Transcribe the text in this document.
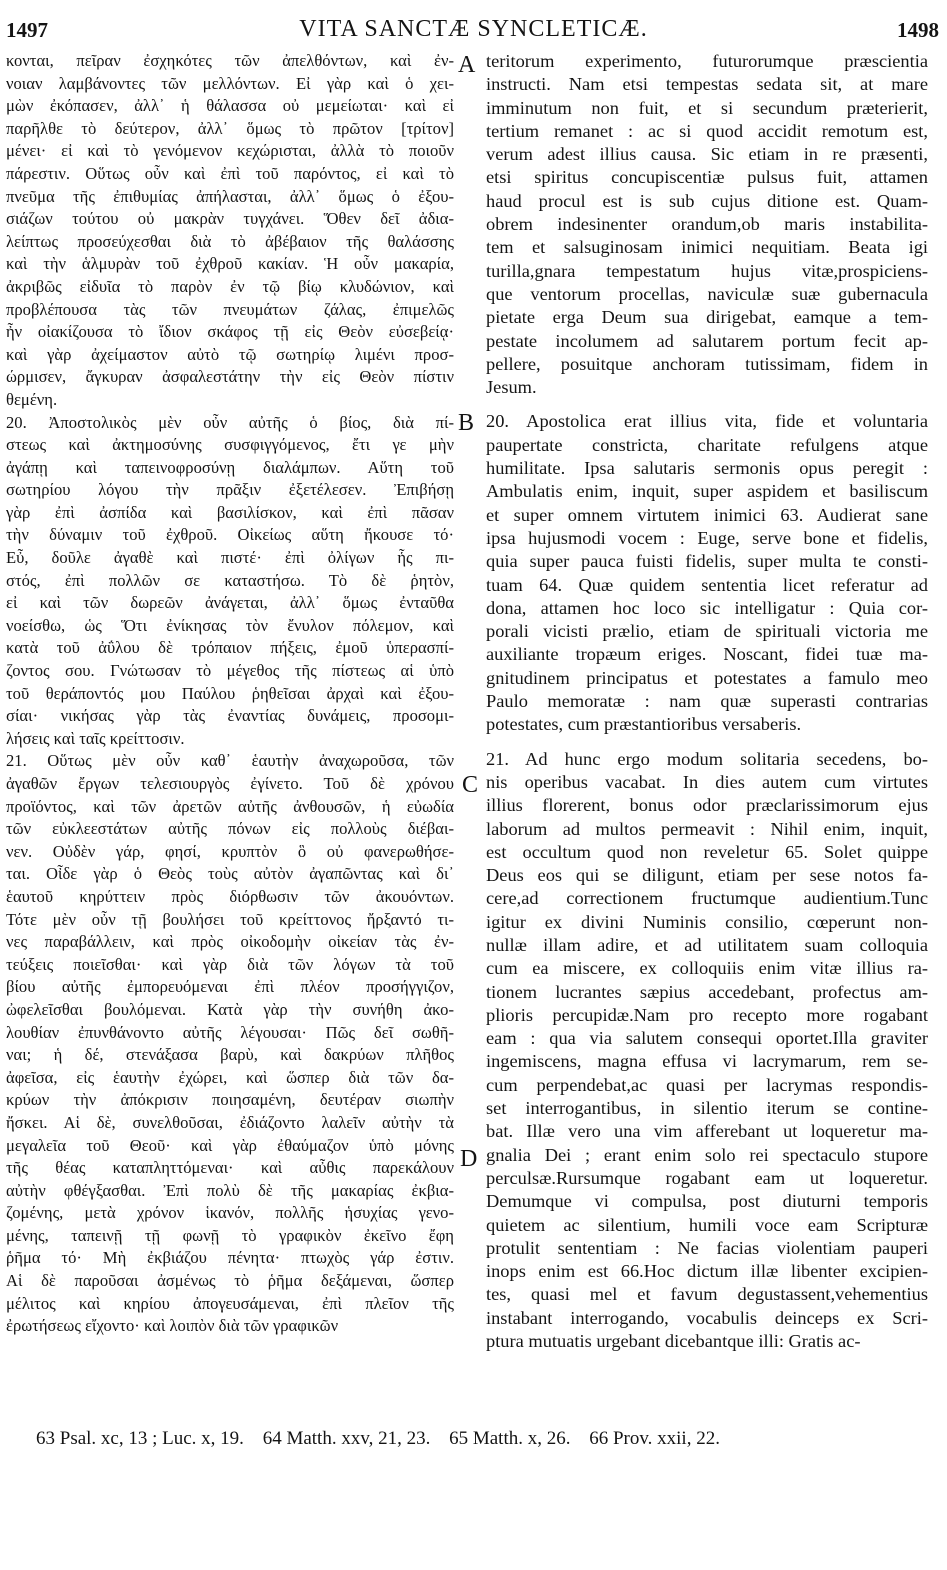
1497	VITA SANCTÆ SYNCLETICÆ.	1498
A
B
C
D
κονται, πεῖραν ἐσχηκότες τῶν ἀπελθόντων, καὶ ἐν-
νοιαν λαμβάνοντες τῶν μελλόντων. Εἰ γὰρ καὶ ὁ χει-
μὼν ἐκόπασεν, ἀλλ᾽ ἡ θάλασσα οὐ μεμείωται· καὶ εἰ
παρῆλθε τὸ δεύτερον, ἀλλ᾽ ὅμως τὸ πρῶτον [τρίτον]
μένει· εἰ καὶ τὸ γενόμενον κεχώρισται, ἀλλὰ τὸ ποιοῦν
πάρεστιν. Οὕτως οὖν καὶ ἐπὶ τοῦ παρόντος, εἰ καὶ τὸ
πνεῦμα τῆς ἐπιθυμίας ἀπήλασται, ἀλλ᾽ ὅμως ὁ ἐξου-
σιάζων τούτου οὐ μακρὰν τυγχάνει. Ὅθεν δεῖ ἀδια-
λείπτως προσεύχεσθαι διὰ τὸ ἀβέβαιον τῆς θαλάσσης
καὶ τὴν ἁλμυρὰν τοῦ ἐχθροῦ κακίαν. Ἡ οὖν μακαρία,
ἀκριβῶς εἰδυῖα τὸ παρὸν ἐν τῷ βίῳ κλυδώνιον, καὶ
προβλέπουσα τὰς τῶν πνευμάτων ζάλας, ἐπιμελῶς
ἦν οἰακίζουσα τὸ ἴδιον σκάφος τῇ εἰς Θεὸν εὐσεβείᾳ·
καὶ γὰρ ἀχείμαστον αὐτὸ τῷ σωτηρίῳ λιμένι προσ-
ώρμισεν, ἄγκυραν ἀσφαλεστάτην τὴν εἰς Θεὸν πίστιν
θεμένη.
20. Ἀποστολικὸς μὲν οὖν αὐτῆς ὁ βίος, διὰ πί-
στεως καὶ ἀκτημοσύνης συσφιγγόμενος, ἔτι γε μὴν
ἀγάπῃ καὶ ταπεινοφροσύνῃ διαλάμπων. Αὕτη τοῦ
σωτηρίου λόγου τὴν πρᾶξιν ἐξετέλεσεν. Ἐπιβήσῃ
γὰρ ἐπὶ ἀσπίδα καὶ βασιλίσκον, καὶ ἐπὶ πᾶσαν
τὴν δύναμιν τοῦ ἐχθροῦ. Οἰκείως αὕτη ἤκουσε τό·
Εὖ, δοῦλε ἀγαθὲ καὶ πιστέ· ἐπὶ ὀλίγων ἧς πι-
στός, ἐπὶ πολλῶν σε καταστήσω. Τὸ δὲ ῥητὸν,
εἰ καὶ τῶν δωρεῶν ἀνάγεται, ἀλλ᾽ ὅμως ἐνταῦθα
νοείσθω, ὡς Ὅτι ἐνίκησας τὸν ἔνυλον πόλεμον, καὶ
κατὰ τοῦ ἀΰλου δὲ τρόπαιον πήξεις, ἐμοῦ ὑπερασπί-
ζοντος σου. Γνώτωσαν τὸ μέγεθος τῆς πίστεως αἱ ὑπὸ
τοῦ θεράποντός μου Παύλου ῥηθεῖσαι ἀρχαὶ καὶ ἐξου-
σίαι· νικήσας γὰρ τὰς ἐναντίας δυνάμεις, προσομι-
λήσεις καὶ ταῖς κρείττοσιν.
21. Οὕτως μὲν οὖν καθ᾽ ἑαυτὴν ἀναχωροῦσα, τῶν
ἀγαθῶν ἔργων τελεσιουργὸς ἐγίνετο. Τοῦ δὲ χρόνου
προϊόντος, καὶ τῶν ἀρετῶν αὐτῆς ἀνθουσῶν, ἡ εὐωδία
τῶν εὐκλεεστάτων αὐτῆς πόνων εἰς πολλοὺς διέβαι-
νεν. Οὐδὲν γάρ, φησί, κρυπτὸν ὃ οὐ φανερωθήσε-
ται. Οἶδε γὰρ ὁ Θεὸς τοὺς αὐτὸν ἀγαπῶντας καὶ δι᾽
ἑαυτοῦ κηρύττειν πρὸς διόρθωσιν τῶν ἀκουόντων.
Τότε μὲν οὖν τῇ βουλήσει τοῦ κρείττονος ἤρξαντό τι-
νες παραβάλλειν, καὶ πρὸς οἰκοδομὴν οἰκείαν τὰς ἐν-
τεύξεις ποιεῖσθαι· καὶ γὰρ διὰ τῶν λόγων τὰ τοῦ
βίου αὐτῆς ἐμπορευόμεναι ἐπὶ πλέον προσήγγιζον,
ὠφελεῖσθαι βουλόμεναι. Κατὰ γὰρ τὴν συνήθη ἀκο-
λουθίαν ἐπυνθάνοντο αὐτῆς λέγουσαι· Πῶς δεῖ σωθῆ-
ναι; ἡ δέ, στενάξασα βαρὺ, καὶ δακρύων πλῆθος
ἀφεῖσα, εἰς ἑαυτὴν ἐχώρει, καὶ ὥσπερ διὰ τῶν δα-
κρύων τὴν ἀπόκρισιν ποιησαμένη, δευτέραν σιωπὴν
ἤσκει. Αἱ δὲ, συνελθοῦσαι, ἐδιάζοντο λαλεῖν αὐτὴν τὰ
μεγαλεῖα τοῦ Θεοῦ· καὶ γὰρ ἐθαύμαζον ὑπὸ μόνης
τῆς θέας καταπληττόμεναι· καὶ αὖθις παρεκάλουν
αὐτὴν φθέγξασθαι. Ἐπὶ πολὺ δὲ τῆς μακαρίας ἐκβια-
ζομένης, μετὰ χρόνον ἱκανόν, πολλῆς ἡσυχίας γενο-
μένης, ταπεινῇ τῇ φωνῇ τὸ γραφικὸν ἐκεῖνο ἔφη
ῥῆμα τό· Μὴ ἐκβιάζου πένητα· πτωχὸς γάρ ἐστιν.
Αἱ δὲ παροῦσαι ἀσμένως τὸ ῥῆμα δεξάμεναι, ὥσπερ
μέλιτος καὶ κηρίου ἀπογευσάμεναι, ἐπὶ πλεῖον τῆς
ἐρωτήσεως εἴχοντο· καὶ λοιπὸν διὰ τῶν γραφικῶν
teritorum experimento, futurorumque præscientia
instructi. Nam etsi tempestas sedata sit, at mare
imminutum non fuit, et si secundum præterierit,
tertium remanet : ac si quod accidit remotum est,
verum adest illius causa. Sic etiam in re præsenti,
etsi spiritus concupiscentiæ pulsus fuit, attamen
haud procul est is sub cujus ditione est. Quam-
obrem indesinenter orandum,ob maris instabilita-
tem et salsuginosam inimici nequitiam. Beata igi
turilla,gnara tempestatum hujus vitæ,prospiciens-
que ventorum procellas, naviculæ suæ gubernacula
pietate erga Deum sua dirigebat, eamque a tem-
pestate incolumem ad salutarem portum fecit ap-
pellere, posuitque anchoram tutissimam, fidem in
Jesum.
20. Apostolica erat illius vita, fide et voluntaria
paupertate constricta, charitate refulgens atque
humilitate. Ipsa salutaris sermonis opus peregit :
Ambulatis enim, inquit, super aspidem et basiliscum
et super omnem virtutem inimici 63. Audierat sane
ipsa hujusmodi vocem : Euge, serve bone et fidelis,
quia super pauca fuisti fidelis, super multa te consti-
tuam 64. Quæ quidem sententia licet referatur ad
dona, attamen hoc loco sic intelligatur : Quia cor-
porali vicisti prælio, etiam de spirituali victoria me
auxiliante tropæum eriges. Noscant, fidei tuæ ma-
gnitudinem principatus et potestates a famulo meo
Paulo memoratæ : nam quæ superasti contrarias
potestates, cum præstantioribus versaberis.
21. Ad hunc ergo modum solitaria secedens, bo-
nis operibus vacabat. In dies autem cum virtutes
illius florerent, bonus odor præclarissimorum ejus
laborum ad multos permeavit : Nihil enim, inquit,
est occultum quod non reveletur 65. Solet quippe
Deus eos qui se diligunt, etiam per sese notos fa-
cere,ad correctionem fructumque audientium.Tunc
igitur ex divini Numinis consilio, cœperunt non-
nullæ illam adire, et ad utilitatem suam colloquia
cum ea miscere, ex colloquiis enim vitæ illius ra-
tionem lucrantes sæpius accedebant, profectus am-
plioris percupidæ.Nam pro recepto more rogabant
eam : qua via salutem consequi oportet.Illa graviter
ingemiscens, magna effusa vi lacrymarum, rem se-
cum perpendebat,ac quasi per lacrymas respondis-
set interrogantibus, in silentio iterum se contine-
bat. Illæ vero una vim afferebant ut loqueretur ma-
gnalia Dei ; erant enim solo rei spectaculo stupore
perculsæ.Rursumque rogabant eam ut loqueretur.
Demumque vi compulsa, post diuturni temporis
quietem ac silentium, humili voce eam Scripturæ
protulit sententiam : Ne facias violentiam pauperi
inops enim est 66.Hoc dictum illæ libenter excipien-
tes, quasi mel et favum degustassent,vehementius
instabant interrogando, vocabulis deinceps ex Scri-
ptura mutuatis urgebant dicebantque illi: Gratis ac-
63 Psal. xc, 13 ; Luc. x, 19. 64 Matth. xxv, 21, 23. 65 Matth. x, 26. 66 Prov. xxii, 22.
